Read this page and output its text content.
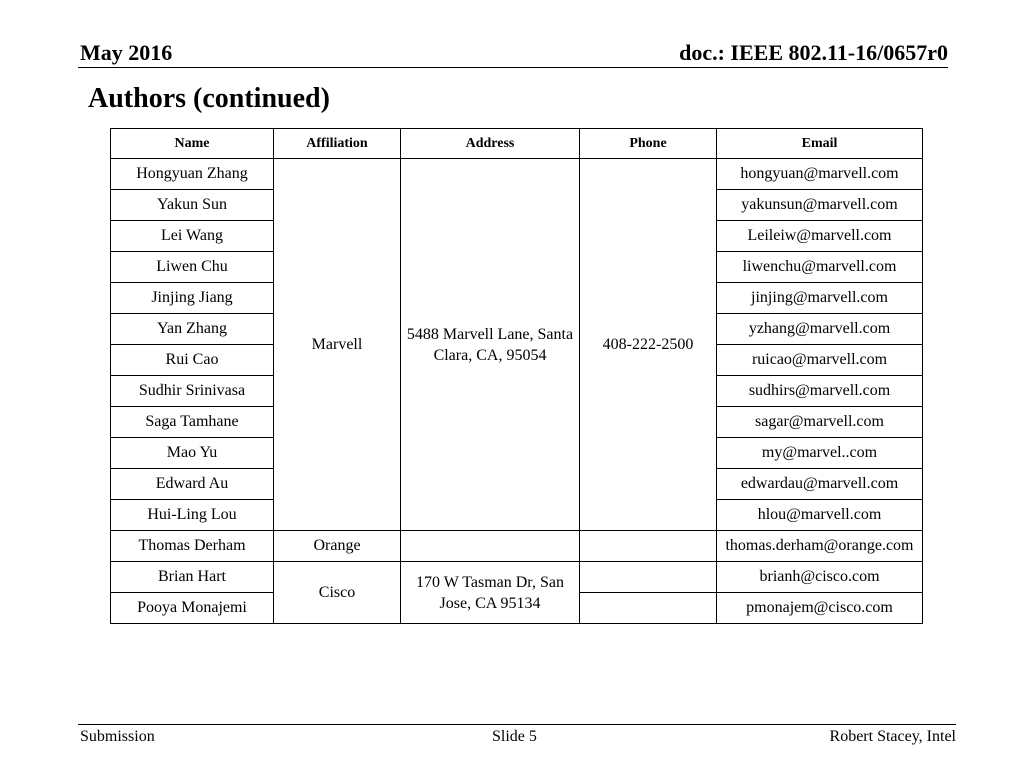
May 2016	doc.: IEEE 802.11-16/0657r0
Authors (continued)
Name	Affiliation	Address	Phone	Email
Hongyuan Zhang	Marvell	5488 Marvell Lane, Santa Clara, CA, 95054	408-222-2500	hongyuan@marvell.com
Yakun Sun				yakunsun@marvell.com
Lei Wang				Leileiw@marvell.com
Liwen Chu				liwenchu@marvell.com
Jinjing Jiang				jinjing@marvell.com
Yan Zhang				yzhang@marvell.com
Rui Cao				ruicao@marvell.com
Sudhir Srinivasa				sudhirs@marvell.com
Saga Tamhane				sagar@marvell.com
Mao Yu				my@marvel..com
Edward Au				edwardau@marvell.com
Hui-Ling Lou				hlou@marvell.com
Thomas Derham	Orange			thomas.derham@orange.com
Brian Hart	Cisco	170 W Tasman Dr, San Jose, CA 95134		brianh@cisco.com
Pooya Monajemi				pmonajem@cisco.com
Submission	Slide 5	Robert Stacey, Intel
